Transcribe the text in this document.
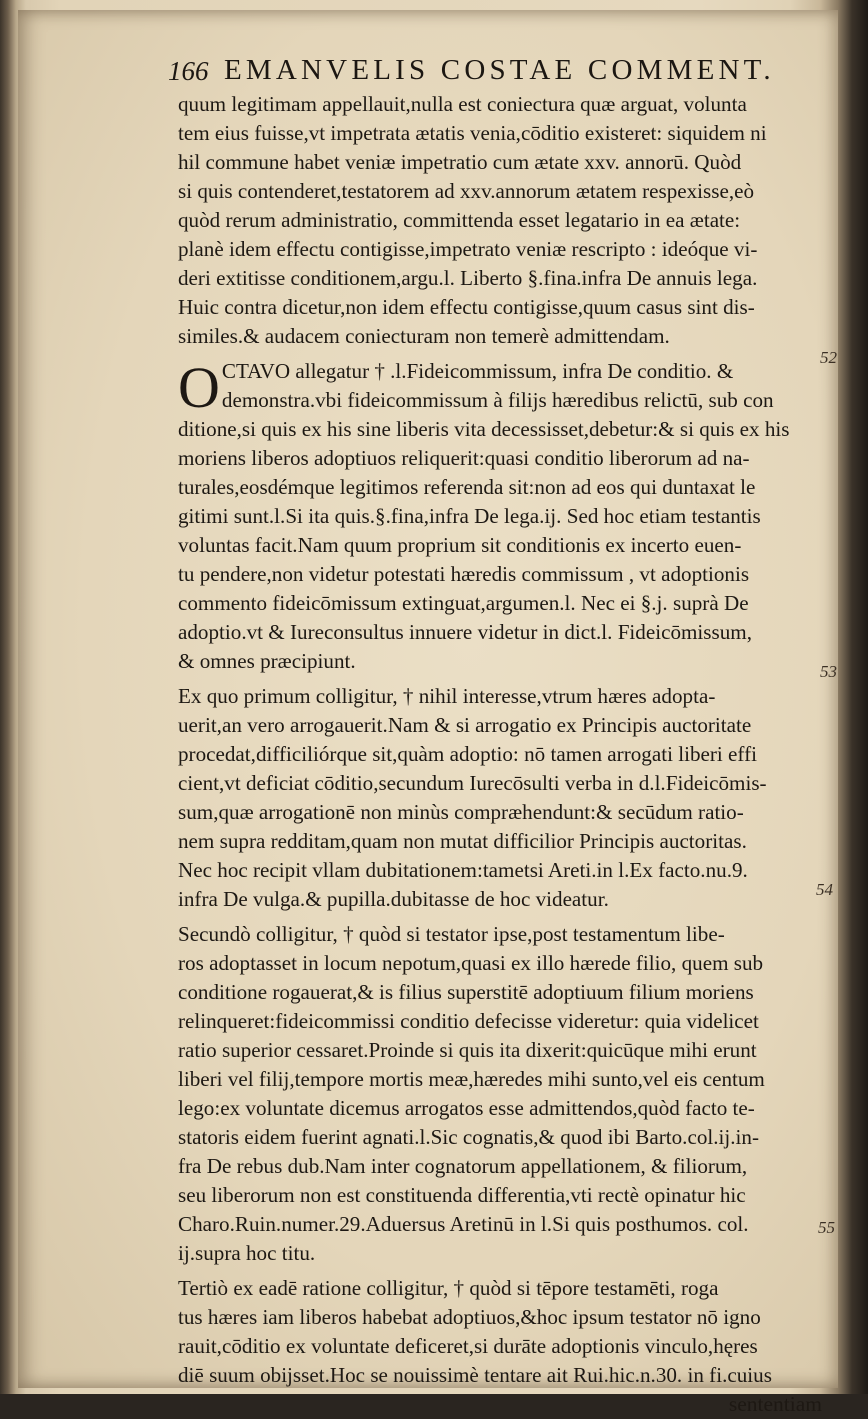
166 EMANVELIS COSTAE COMMENT.
quum legitimam appellauit,nulla est coniectura quæ arguat, volunta
tem eius fuisse,vt impetrata ætatis venia,cōditio existeret: siquidem ni
hil commune habet veniæ impetratio cum ætate xxv. annorū. Quòd
si quis contenderet,testatorem ad xxv.annorum ætatem respexisse,eò
quòd rerum administratio, committenda esset legatario in ea ætate:
planè idem effectu contigisse,impetrato veniæ rescripto : ideóque vi-
deri extitisse conditionem,argu.l. Liberto §.fina.infra De annuis lega.
Huic contra dicetur,non idem effectu contigisse,quum casus sint dis-
similes.& audacem coniecturam non temerè admittendam.
O CTAVO allegatur † .l.Fideicommissum, infra De conditio. &
demonstra.vbi fideicommissum à filijs hæredibus relictū, sub con
ditione,si quis ex his sine liberis vita decessisset,debetur:& si quis ex his
moriens liberos adoptiuos reliquerit:quasi conditio liberorum ad na-
turales,eosdémque legitimos referenda sit:non ad eos qui duntaxat le
gitimi sunt.l.Si ita quis.§.fina,infra De lega.ij. Sed hoc etiam testantis
voluntas facit.Nam quum proprium sit conditionis ex incerto euen-
tu pendere,non videtur potestati hæredis commissum , vt adoptionis
commento fideicōmissum extinguat,argumen.l. Nec ei §.j. suprà De
adoptio.vt & Iureconsultus innuere videtur in dict.l. Fideicōmissum,
& omnes præcipiunt.
Ex quo primum colligitur, † nihil interesse,vtrum hæres adopta-
uerit,an vero arrogauerit.Nam & si arrogatio ex Principis auctoritate
procedat,difficiliórque sit,quàm adoptio: nō tamen arrogati liberi effi
cient,vt deficiat cōditio,secundum Iurecōsulti verba in d.l.Fideicōmis-
sum,quæ arrogationē non minùs compræhendunt:& secūdum ratio-
nem supra redditam,quam non mutat difficilior Principis auctoritas.
Nec hoc recipit vllam dubitationem:tametsi Areti.in l.Ex facto.nu.9.
infra De vulga.& pupilla.dubitasse de hoc videatur.
Secundò colligitur, † quòd si testator ipse,post testamentum libe-
ros adoptasset in locum nepotum,quasi ex illo hærede filio, quem sub
conditione rogauerat,& is filius superstitē adoptiuum filium moriens
relinqueret:fideicommissi conditio defecisse videretur: quia videlicet
ratio superior cessaret.Proinde si quis ita dixerit:quicūque mihi erunt
liberi vel filij,tempore mortis meæ,hæredes mihi sunto,vel eis centum
lego:ex voluntate dicemus arrogatos esse admittendos,quòd facto te-
statoris eidem fuerint agnati.l.Sic cognatis,& quod ibi Barto.col.ij.in-
fra De rebus dub.Nam inter cognatorum appellationem, & filiorum,
seu liberorum non est constituenda differentia,vti rectè opinatur hic
Charo.Ruin.numer.29.Aduersus Aretinū in l.Si quis posthumos. col.
ij.supra hoc titu.
Tertiò ex eadē ratione colligitur, † quòd si tēpore testamēti, roga
tus hæres iam liberos habebat adoptiuos,&hoc ipsum testator nō igno
rauit,cōditio ex voluntate deficeret,si durāte adoptionis vinculo,hęres
diē suum obijsset.Hoc se nouissimè tentare ait Rui.hic.n.30. in fi.cuius
sententiam
52
53
54
55
